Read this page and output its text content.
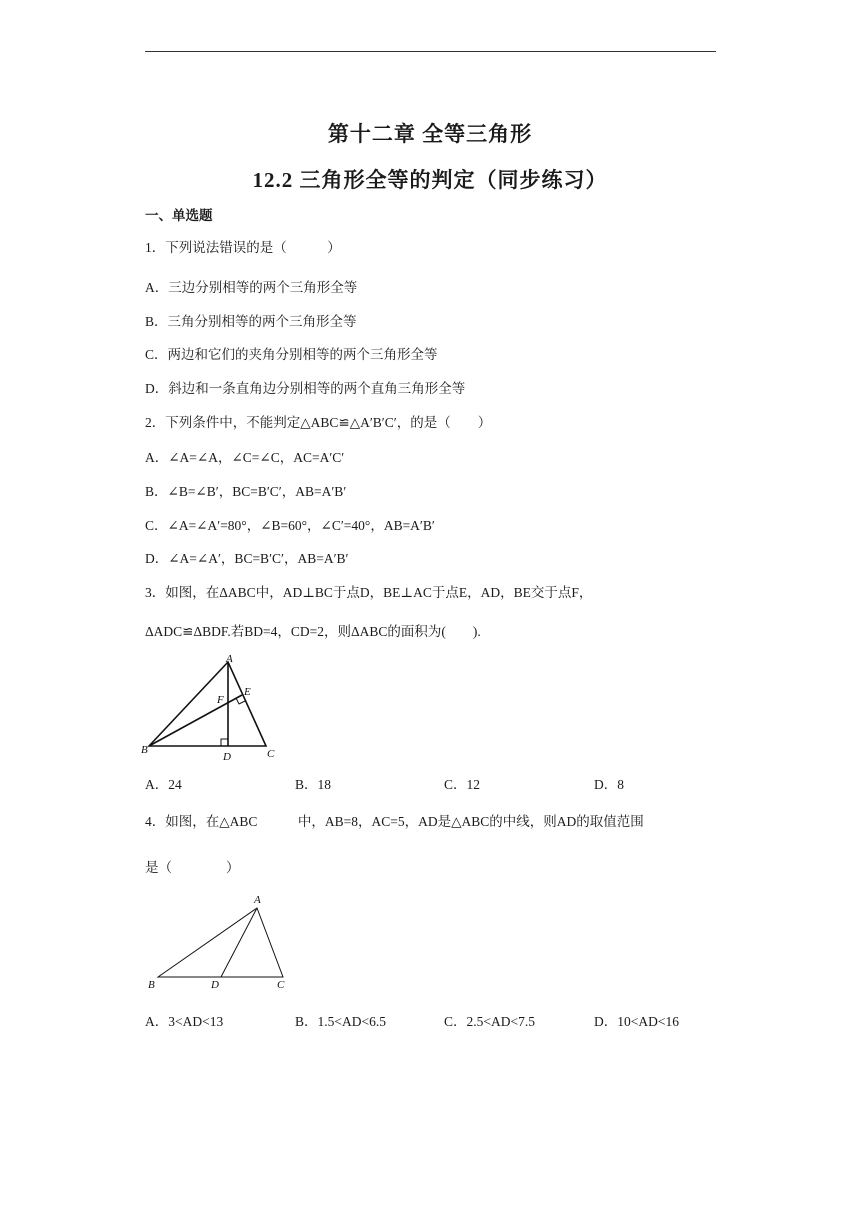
第十二章 全等三角形
12.2 三角形全等的判定（同步练习）
一、单选题
1．下列说法错误的是（　　　）
A．三边分别相等的两个三角形全等
B．三角分别相等的两个三角形全等
C．两边和它们的夹角分别相等的两个三角形全等
D．斜边和一条直角边分别相等的两个直角三角形全等
2．下列条件中，不能判定△ABC≌△A′B′C′，的是（　　）
A．∠A=∠A，∠C=∠C，AC=A′C′
B．∠B=∠B′，BC=B′C′，AB=A′B′
C．∠A=∠A′=80°，∠B=60°，∠C′=40°，AB=A′B′
D．∠A=∠A′，BC=B′C′，AB=A′B′
3．如图，在ΔABC中，AD⊥BC于点D，BE⊥AC于点E，AD，BE交于点F，
ΔADC≌ΔBDF.若BD=4，CD=2，则ΔABC的面积为(　　).
A
E
F
B
D	C
A．24	B．18	C．12	D．8
4．如图，在△ABC　　　中，AB=8，AC=5，AD是△ABC的中线，则AD的取值范围
是（　　　　）
A
B	D	C
A．3<AD<13	B．1.5<AD<6.5	C．2.5<AD<7.5	D．10<AD<16
